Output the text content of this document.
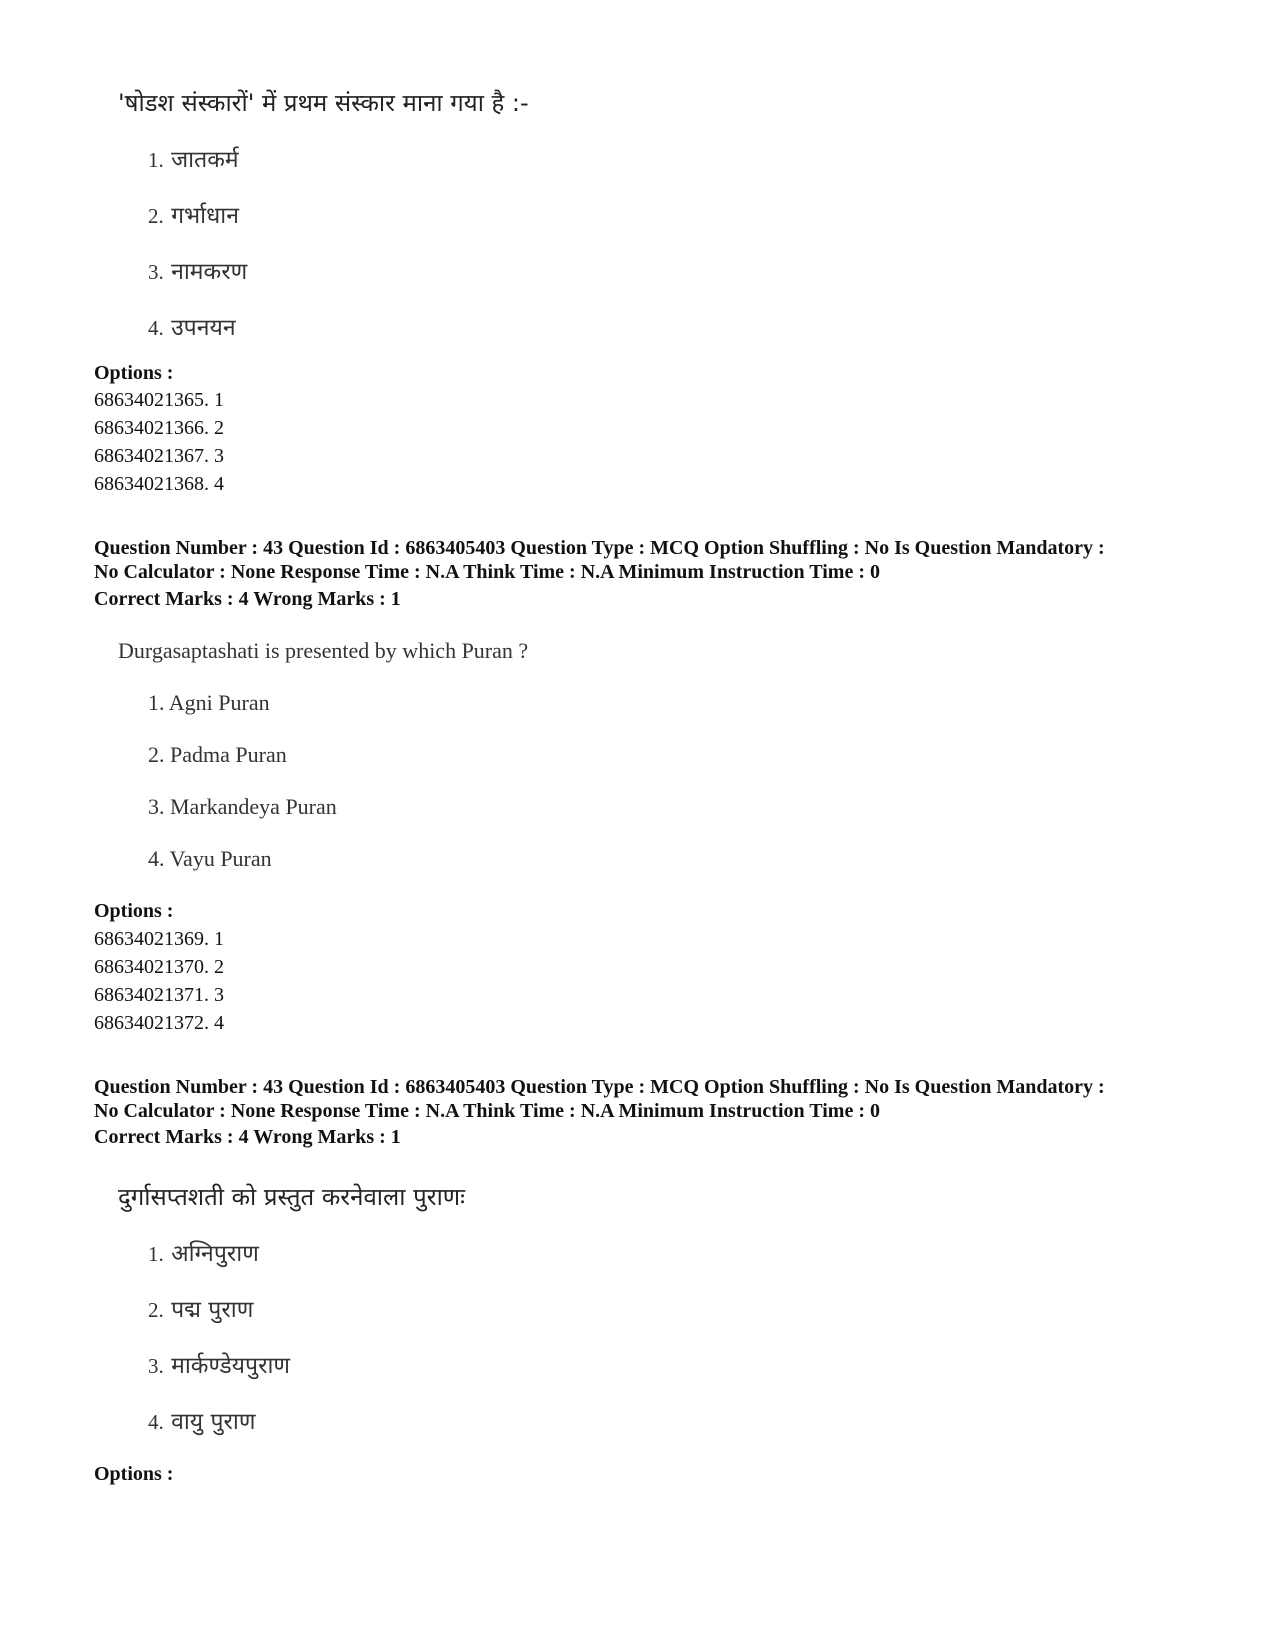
'षोडश संस्कारों' में प्रथम संस्कार माना गया है :-
1. जातकर्म
2. गर्भाधान
3. नामकरण
4. उपनयन
Options :
68634021365. 1
68634021366. 2
68634021367. 3
68634021368. 4
Question Number : 43 Question Id : 6863405403 Question Type : MCQ Option Shuffling : No Is Question Mandatory :
No Calculator : None Response Time : N.A Think Time : N.A Minimum Instruction Time : 0
Correct Marks : 4 Wrong Marks : 1
Durgasaptashati is presented by which Puran ?
1. Agni Puran
2. Padma Puran
3. Markandeya Puran
4. Vayu Puran
Options :
68634021369. 1
68634021370. 2
68634021371. 3
68634021372. 4
Question Number : 43 Question Id : 6863405403 Question Type : MCQ Option Shuffling : No Is Question Mandatory :
No Calculator : None Response Time : N.A Think Time : N.A Minimum Instruction Time : 0
Correct Marks : 4 Wrong Marks : 1
दुर्गासप्तशती को प्रस्तुत करनेवाला पुराणः
1. अग्निपुराण
2. पद्म पुराण
3. मार्कण्डेयपुराण
4. वायु पुराण
Options :
